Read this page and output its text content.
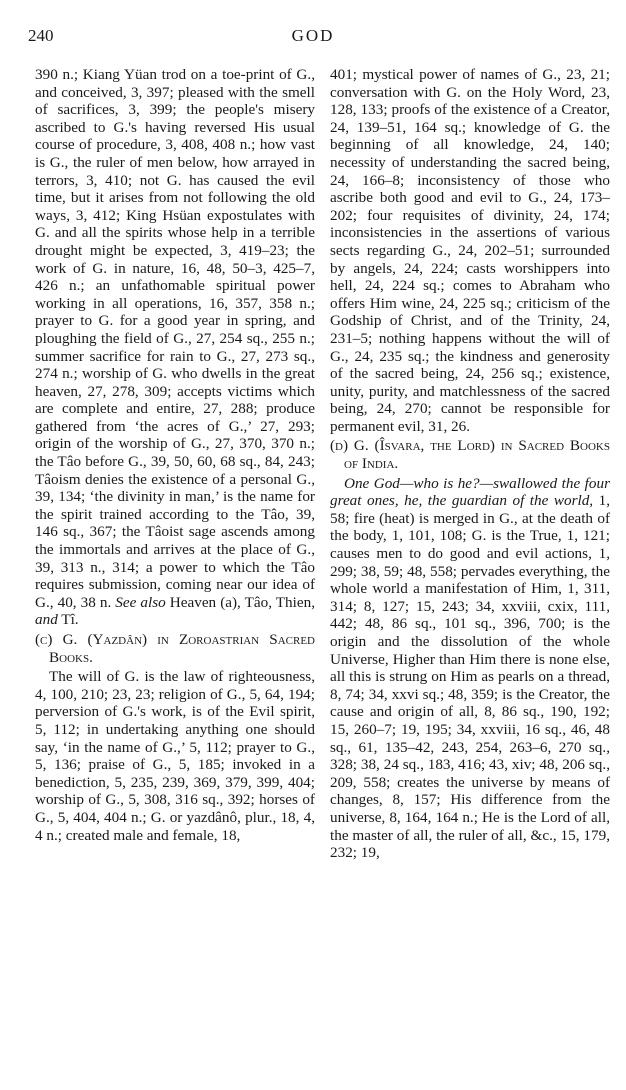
240	GOD

390 n.; Kiang Yüan trod on a toe-print of G., and conceived, 3, 397; pleased with the smell of sacrifices, 3, 399; the people's misery ascribed to G.'s having reversed His usual course of procedure, 3, 408, 408 n.; how vast is G., the ruler of men below, how arrayed in terrors, 3, 410; not G. has caused the evil time, but it arises from not following the old ways, 3, 412; King Hsüan expostulates with G. and all the spirits whose help in a terrible drought might be expected, 3, 419–23; the work of G. in nature, 16, 48, 50–3, 425–7, 426 n.; an unfathomable spiritual power working in all operations, 16, 357, 358 n.; prayer to G. for a good year in spring, and ploughing the field of G., 27, 254 sq., 255 n.; summer sacrifice for rain to G., 27, 273 sq., 274 n.; worship of G. who dwells in the great heaven, 27, 278, 309; accepts victims which are complete and entire, 27, 288; produce gathered from ‘the acres of G.,’ 27, 293; origin of the worship of G., 27, 370, 370 n.; the Tâo before G., 39, 50, 60, 68 sq., 84, 243; Tâoism denies the existence of a personal G., 39, 134; ‘the divinity in man,’ is the name for the spirit trained according to the Tâo, 39, 146 sq., 367; the Tâoist sage ascends among the immortals and arrives at the place of G., 39, 313 n., 314; a power to which the Tâo requires submission, coming near our idea of G., 40, 38 n. See also Heaven (a), Tâo, Thien, and Tî.

(c) G. (Yazdân) in Zoroastrian Sacred Books.

The will of G. is the law of righteousness, 4, 100, 210; 23, 23; religion of G., 5, 64, 194; perversion of G.'s work, is of the Evil spirit, 5, 112; in undertaking anything one should say, ‘in the name of G.,’ 5, 112; prayer to G., 5, 136; praise of G., 5, 185; invoked in a benediction, 5, 235, 239, 369, 379, 399, 404; worship of G., 5, 308, 316 sq., 392; horses of G., 5, 404, 404 n.; G. or yazdânô, plur., 18, 4, 4 n.; created male and female, 18,

401; mystical power of names of G., 23, 21; conversation with G. on the Holy Word, 23, 128, 133; proofs of the existence of a Creator, 24, 139–51, 164 sq.; knowledge of G. the beginning of all knowledge, 24, 140; necessity of understanding the sacred being, 24, 166–8; inconsistency of those who ascribe both good and evil to G., 24, 173–202; four requisites of divinity, 24, 174; inconsistencies in the assertions of various sects regarding G., 24, 202–51; surrounded by angels, 24, 224; casts worshippers into hell, 24, 224 sq.; comes to Abraham who offers Him wine, 24, 225 sq.; criticism of the Godship of Christ, and of the Trinity, 24, 231–5; nothing happens without the will of G., 24, 235 sq.; the kindness and generosity of the sacred being, 24, 256 sq.; existence, unity, purity, and matchlessness of the sacred being, 24, 270; cannot be responsible for permanent evil, 31, 26.

(d) G. (Îsvara, the Lord) in Sacred Books of India.

One God—who is he?—swallowed the four great ones, he, the guardian of the world, 1, 58; fire (heat) is merged in G., at the death of the body, 1, 101, 108; G. is the True, 1, 121; causes men to do good and evil actions, 1, 299; 38, 59; 48, 558; pervades everything, the whole world a manifestation of Him, 1, 311, 314; 8, 127; 15, 243; 34, xxviii, cxix, 111, 442; 48, 86 sq., 101 sq., 396, 700; is the origin and the dissolution of the whole Universe, Higher than Him there is none else, all this is strung on Him as pearls on a thread, 8, 74; 34, xxvi sq.; 48, 359; is the Creator, the cause and origin of all, 8, 86 sq., 190, 192; 15, 260–7; 19, 195; 34, xxviii, 16 sq., 46, 48 sq., 61, 135–42, 243, 254, 263–6, 270 sq., 328; 38, 24 sq., 183, 416; 43, xiv; 48, 206 sq., 209, 558; creates the universe by means of changes, 8, 157; His difference from the universe, 8, 164, 164 n.; He is the Lord of all, the master of all, the ruler of all, &c., 15, 179, 232; 19,
